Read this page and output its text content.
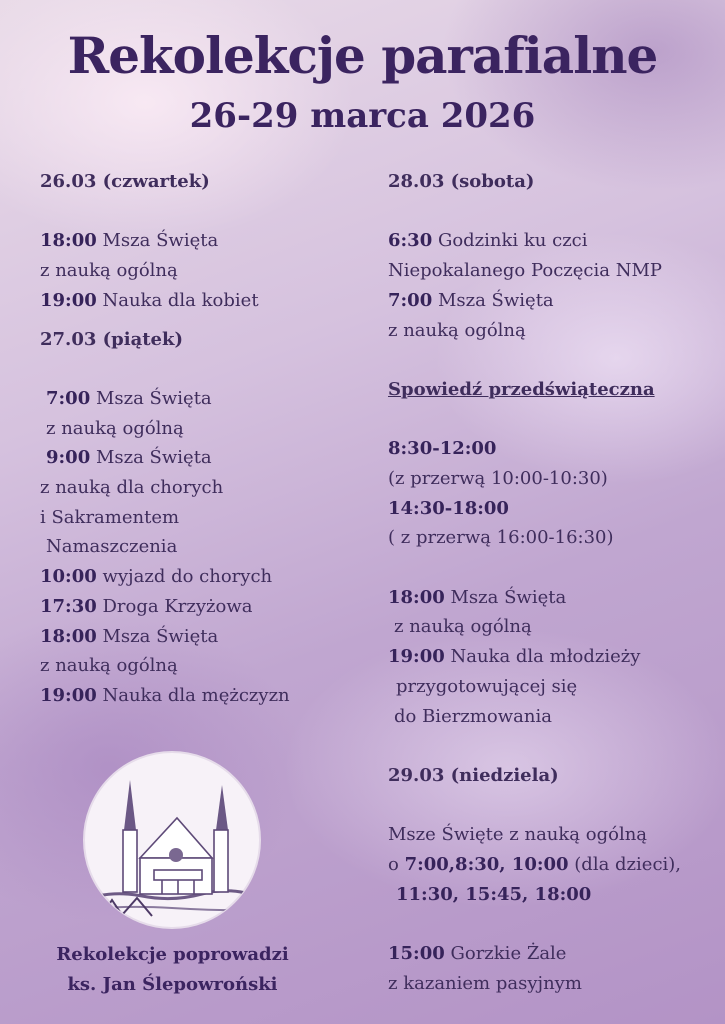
Rekolekcje parafialne
26-29 marca 2026
26.03 (czwartek)
18:00 Msza Święta
z nauką ogólną
19:00 Nauka dla kobiet
27.03 (piątek)
7:00 Msza Święta
z nauką ogólną
9:00 Msza Święta
z nauką dla chorych
i Sakramentem
Namaszczenia
10:00 wyjazd do chorych
17:30 Droga Krzyżowa
18:00 Msza Święta
z nauką ogólną
19:00 Nauka dla mężczyzn
28.03 (sobota)
6:30 Godzinki ku czci
Niepokalanego Poczęcia NMP
7:00 Msza Święta
z nauką ogólną
Spowiedź przedświąteczna
8:30-12:00
(z przerwą 10:00-10:30)
14:30-18:00
( z przerwą 16:00-16:30)
18:00 Msza Święta
z nauką ogólną
19:00 Nauka dla młodzieży
przygotowującej się
do Bierzmowania
29.03 (niedziela)
Msze Święte z nauką ogólną
o 7:00,8:30, 10:00 (dla dzieci),
11:30, 15:45, 18:00
15:00 Gorzkie Żale
z kazaniem pasyjnym
Rekolekcje poprowadzi
ks. Jan Ślepowroński
